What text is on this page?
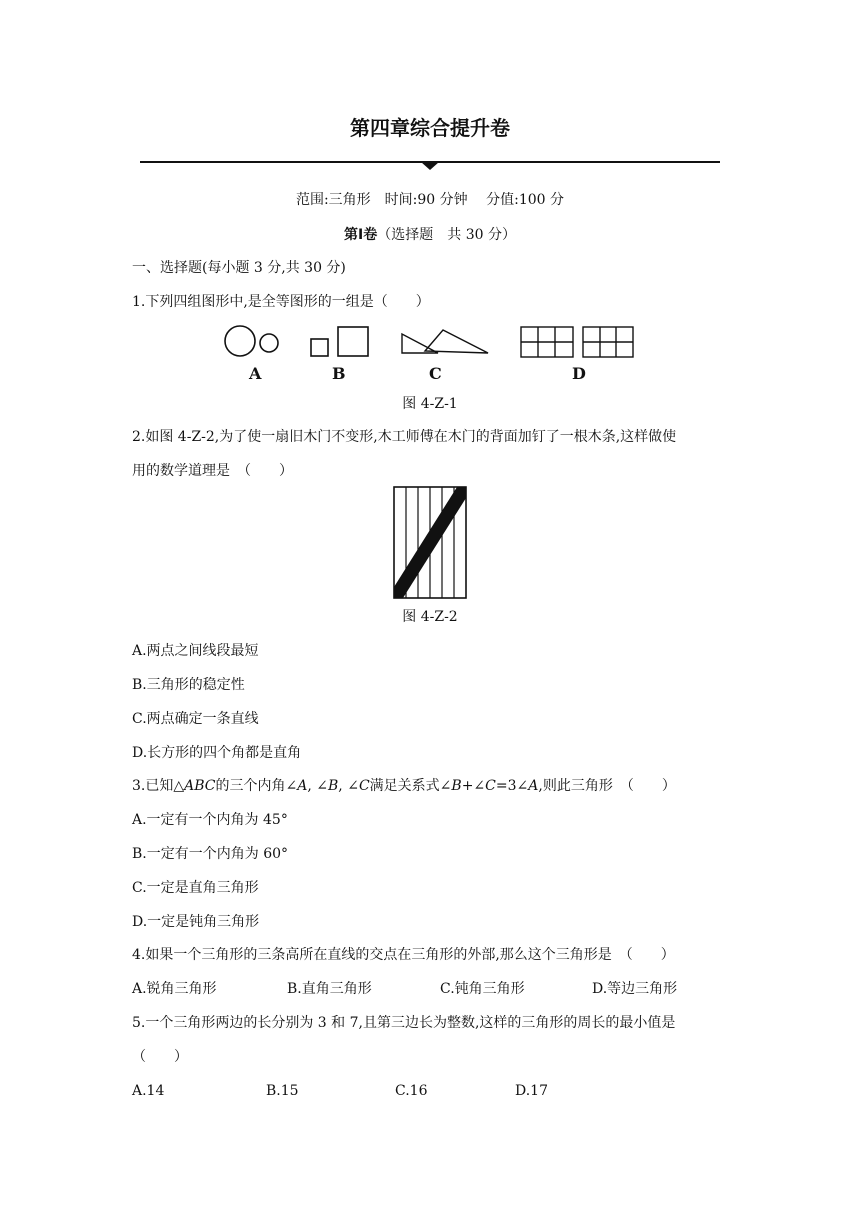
第四章综合提升卷
范围:三角形　时间:90 分钟　 分值:100 分
第Ⅰ卷（选择题　共 30 分）
一、选择题(每小题 3 分,共 30 分)
1.下列四组图形中,是全等图形的一组是（　　）
A	B	C	D
图 4-Z-1
2.如图 4-Z-2,为了使一扇旧木门不变形,木工师傅在木门的背面加钉了一根木条,这样做使
用的数学道理是　（　　）
图 4-Z-2
A.两点之间线段最短
B.三角形的稳定性
C.两点确定一条直线
D.长方形的四个角都是直角
3.已知△ABC的三个内角∠A, ∠B, ∠C满足关系式∠B+∠C=3∠A,则此三角形　（　　）
A.一定有一个内角为 45°
B.一定有一个内角为 60°
C.一定是直角三角形
D.一定是钝角三角形
4.如果一个三角形的三条高所在直线的交点在三角形的外部,那么这个三角形是　（　　）
A.锐角三角形	B.直角三角形	C.钝角三角形	D.等边三角形
5.一个三角形两边的长分别为 3 和 7,且第三边长为整数,这样的三角形的周长的最小值是
（　　）
A.14	B.15	C.16	D.17
